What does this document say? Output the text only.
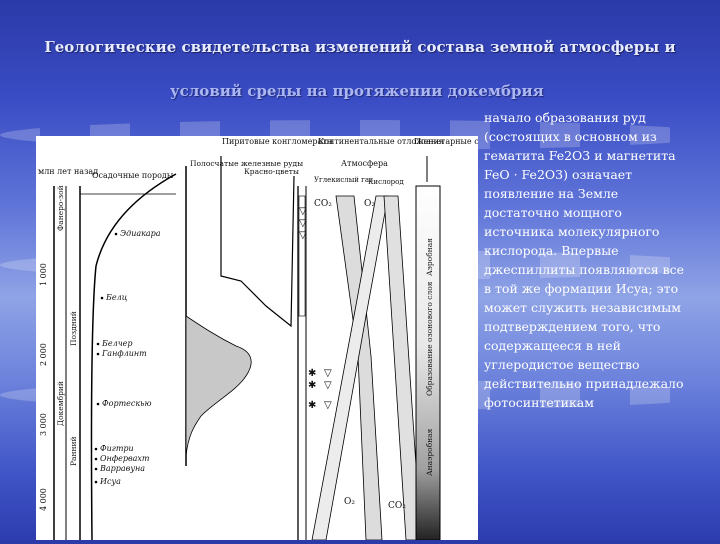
Геологические свидетельства изменений состава земной атмосферы и
условий среды на протяжении докембрия
млн лет назад
Осадочные породы
1 000
2 000
3 000
4 000
Фанеро-зой
Поздний
Докембрий
Ранний
Эдиакара
Белц
Белчер
Ганфлинт
Фортескью
Фигтри
Онфервахт
Варравуна
Исуа
Пиритовые конгломераты
Полосчатые железные руды
Красно-цветы
Континентальные отложения
Атмосфера
Углекислый газ
Кислород
CO₂	O₂
O₂	CO₂
▽
▽
▽
✱
✱
✱
▽
▽
▽
Планетарные с
Аэробная
Образование озонового слоя
Анаэробная
начало образования руд (состоящих в основном из гематита Fe2O3 и магнетита FeO · Fe2O3) означает появление на Земле достаточно мощного источника молекулярного кислорода. Впервые джеспиллиты появляются все в той же формации Исуа; это может служить независимым подтверждением того, что содержащееся в ней углеродистое вещество действительно принадлежало фотосинтетикам
